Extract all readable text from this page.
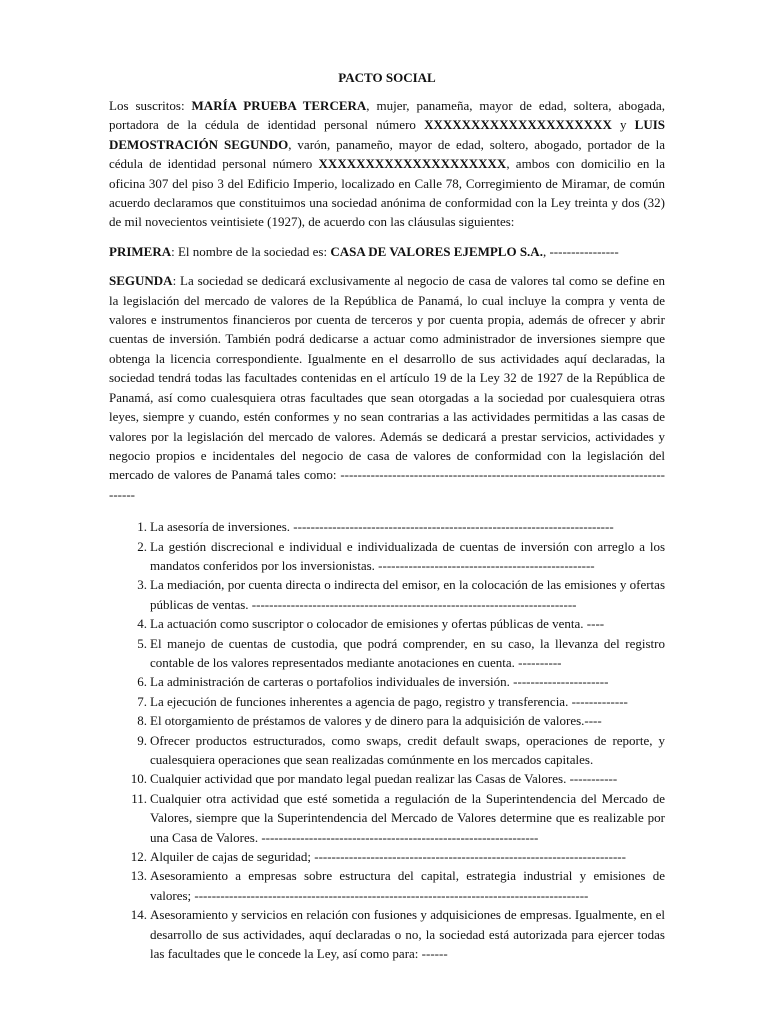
PACTO SOCIAL

Los suscritos: MARÍA PRUEBA TERCERA, mujer, panameña, mayor de edad, soltera, abogada, portadora de la cédula de identidad personal número XXXXXXXXXXXXXXXXXXXX y LUIS DEMOSTRACIÓN SEGUNDO, varón, panameño, mayor de edad, soltero, abogado, portador de la cédula de identidad personal número XXXXXXXXXXXXXXXXXXXX, ambos con domicilio en la oficina 307 del piso 3 del Edificio Imperio, localizado en Calle 78, Corregimiento de Miramar, de común acuerdo declaramos que constituimos una sociedad anónima de conformidad con la Ley treinta y dos (32) de mil novecientos veintisiete (1927), de acuerdo con las cláusulas siguientes:

PRIMERA: El nombre de la sociedad es: CASA DE VALORES EJEMPLO S.A., ----------------

SEGUNDA: La sociedad se dedicará exclusivamente al negocio de casa de valores tal como se define en la legislación del mercado de valores de la República de Panamá, lo cual incluye la compra y venta de valores e instrumentos financieros por cuenta de terceros y por cuenta propia, además de ofrecer y abrir cuentas de inversión. También podrá dedicarse a actuar como administrador de inversiones siempre que obtenga la licencia correspondiente. Igualmente en el desarrollo de sus actividades aquí declaradas, la sociedad tendrá todas las facultades contenidas en el artículo 19 de la Ley 32 de 1927 de la República de Panamá, así como cualesquiera otras facultades que sean otorgadas a la sociedad por cualesquiera otras leyes, siempre y cuando, estén conformes y no sean contrarias a las actividades permitidas a las casas de valores por la legislación del mercado de valores. Además se dedicará a prestar servicios, actividades y negocio propios e incidentales del negocio de casa de valores de conformidad con la legislación del mercado de valores de Panamá tales como: ---------------------------------------------------------------------------------

1. La asesoría de inversiones. --------------------------------------------------------------------------
2. La gestión discrecional e individual e individualizada de cuentas de inversión con arreglo a los mandatos conferidos por los inversionistas. --------------------------------------------------
3. La mediación, por cuenta directa o indirecta del emisor, en la colocación de las emisiones y ofertas públicas de ventas. ---------------------------------------------------------------------------
4. La actuación como suscriptor o colocador de emisiones y ofertas públicas de venta. ----
5. El manejo de cuentas de custodia, que podrá comprender, en su caso, la llevanza del registro contable de los valores representados mediante anotaciones en cuenta. ----------
6. La administración de carteras o portafolios individuales de inversión. ----------------------
7. La ejecución de funciones inherentes a agencia de pago, registro y transferencia. -------------
8. El otorgamiento de préstamos de valores y de dinero para la adquisición de valores.----
9. Ofrecer productos estructurados, como swaps, credit default swaps, operaciones de reporte, y cualesquiera operaciones que sean realizadas comúnmente en los mercados capitales.
10. Cualquier actividad que por mandato legal puedan realizar las Casas de Valores. -----------
11. Cualquier otra actividad que esté sometida a regulación de la Superintendencia del Mercado de Valores, siempre que la Superintendencia del Mercado de Valores determine que es realizable por una Casa de Valores. ----------------------------------------------------------------
12. Alquiler de cajas de seguridad; ------------------------------------------------------------------------
13. Asesoramiento a empresas sobre estructura del capital, estrategia industrial y emisiones de valores; -------------------------------------------------------------------------------------------
14. Asesoramiento y servicios en relación con fusiones y adquisiciones de empresas. Igualmente, en el desarrollo de sus actividades, aquí declaradas o no, la sociedad está autorizada para ejercer todas las facultades que le concede la Ley, así como para: ------
